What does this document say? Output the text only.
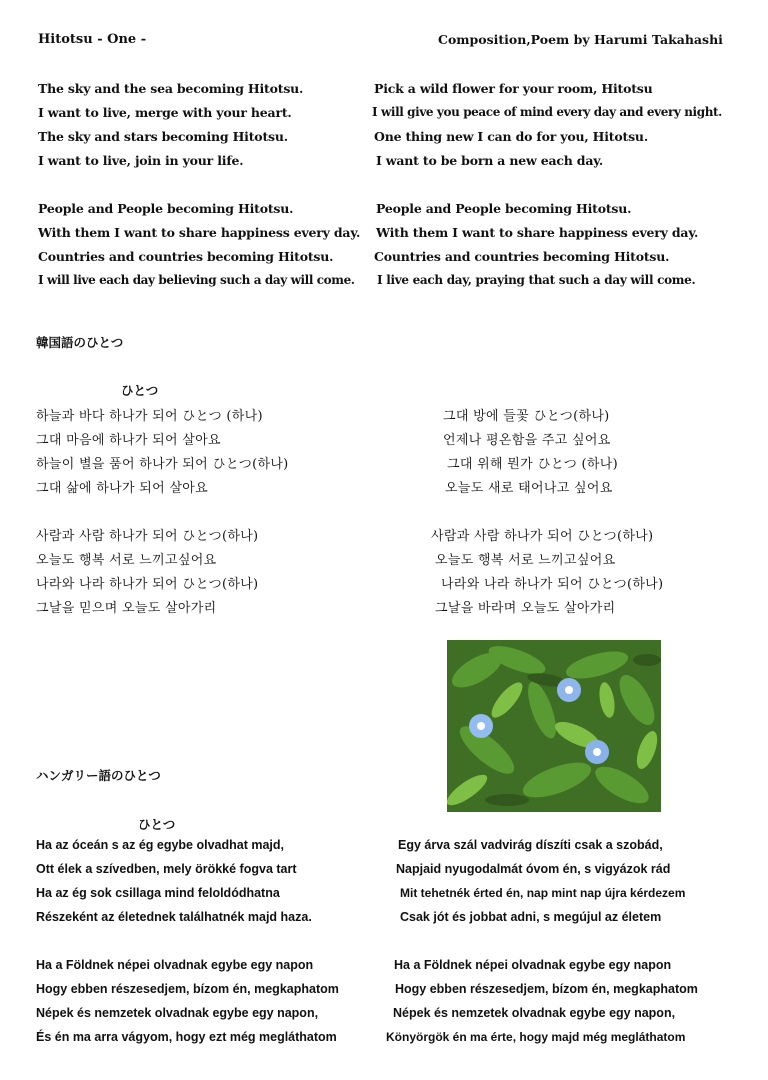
Hitotsu - One -	Composition,Poem by Harumi Takahashi
The sky and the sea becoming Hitotsu.
I want to live, merge with your heart.
The sky and stars becoming Hitotsu.
I want to live, join in your life.
People and People becoming Hitotsu.
With them I want to share happiness every day.
Countries and countries becoming Hitotsu.
I will live each day believing such a day will come.
Pick a wild flower for your room, Hitotsu
I will give you peace of mind every day and every night.
One thing new I can do for you, Hitotsu.
I want to be born a new each day.
People and People becoming Hitotsu.
With them I want to share happiness every day.
Countries and countries becoming Hitotsu.
I live each day, praying that such a day will come.
韓国語のひとつ
ひとつ
하늘과 바다 하나가 되어 ひとつ (하나)
그대 마음에 하나가 되어 살아요
하늘이 별을 품어 하나가 되어 ひとつ(하나)
그대 삶에 하나가 되어 살아요
사람과 사람 하나가 되어 ひとつ(하나)
오늘도 행복 서로 느끼고싶어요
나라와 나라 하나가 되어 ひとつ(하나)
그날을 믿으며 오늘도 살아가리
그대 방에 들꽃 ひとつ(하나)
언제나 평온함을 주고 싶어요
그대 위해 뭔가 ひとつ (하나)
오늘도 새로 태어나고 싶어요
사람과 사람 하나가 되어 ひとつ(하나)
오늘도 행복 서로 느끼고싶어요
나라와 나라 하나가 되어 ひとつ(하나)
그날을 바라며 오늘도 살아가리
ハンガリー語のひとつ
ひとつ
Ha az óceán s az ég egybe olvadhat majd,
Ott élek a szívedben, mely örökké fogva tart
Ha az ég sok csillaga mind feloldódhatna
Részeként az életednek találhatnék majd haza.
Ha a Földnek népei olvadnak egybe egy napon
Hogy ebben részesedjem, bízom én, megkaphatom
Népek és nemzetek olvadnak egybe egy napon,
És én ma arra vágyom, hogy ezt még megláthatom
Egy árva szál vadvirág díszíti csak a szobád,
Napjaid nyugodalmát óvom én, s vigyázok rád
Mit tehetnék érted én, nap mint nap újra kérdezem
Csak jót és jobbat adni, s megújul az életem
Ha a Földnek népei olvadnak egybe egy napon
Hogy ebben részesedjem, bízom én, megkaphatom
Népek és nemzetek olvadnak egybe egy napon,
Könyörgök én ma érte, hogy majd még megláthatom
